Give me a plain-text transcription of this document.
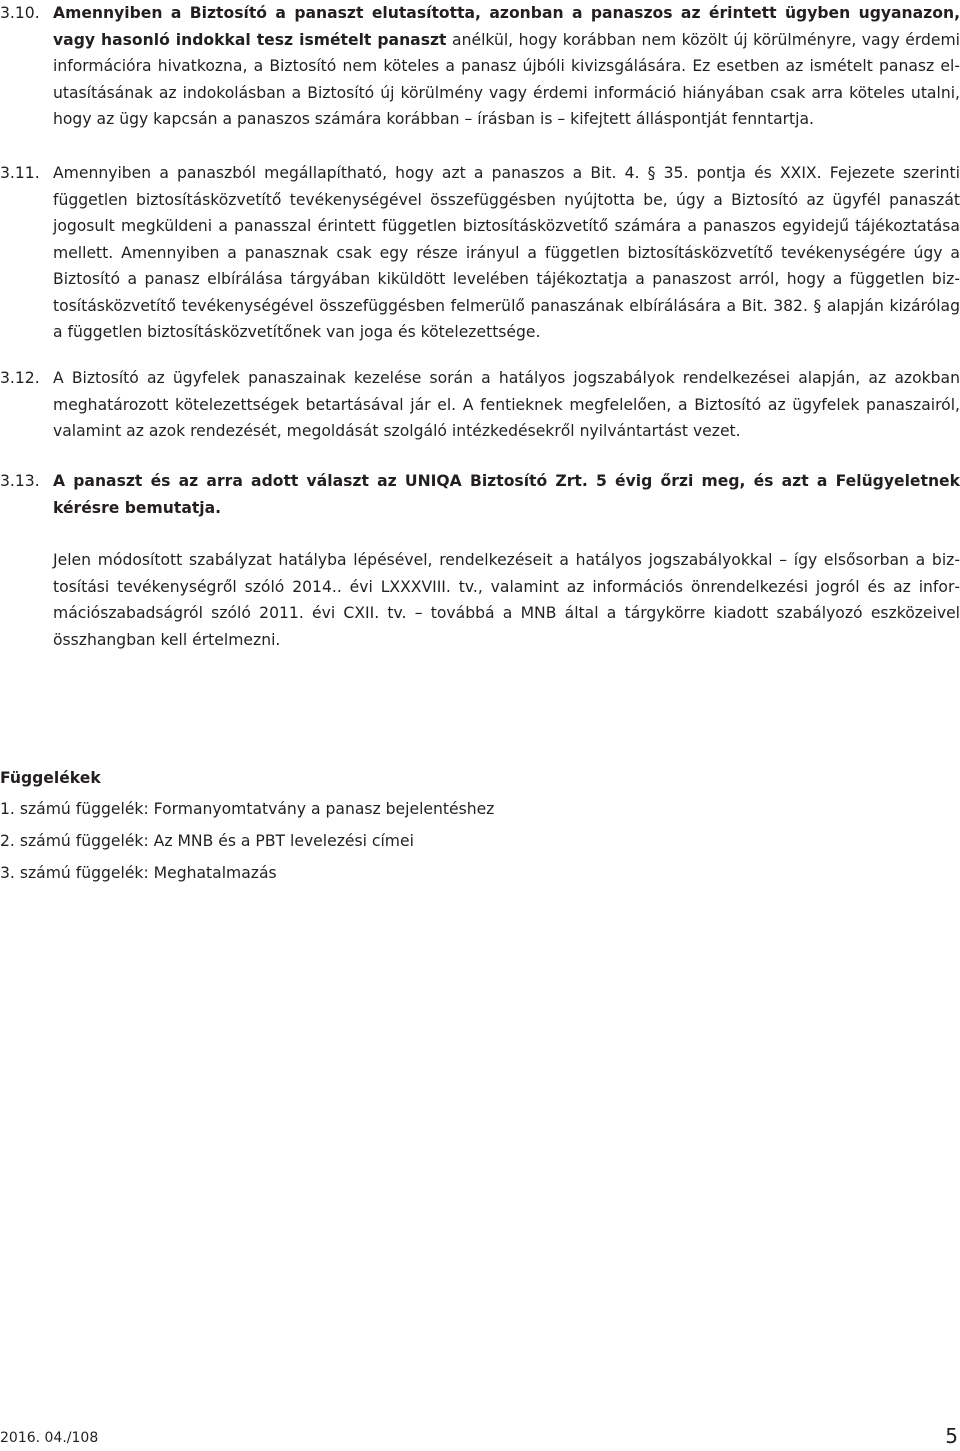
3.10. Amennyiben a Biztosító a panaszt elutasította, azonban a panaszos az érintett ügyben ugyanazon, vagy hasonló indokkal tesz ismételt panaszt anélkül, hogy korábban nem közölt új körülményre, vagy érdemi információra hivatkozna, a Biztosító nem köteles a panasz újbóli kivizsgálására. Ez esetben az ismételt panasz elutasításának az indokolásban a Biztosító új körülmény vagy érdemi információ hiányában csak arra köteles utalni, hogy az ügy kapcsán a panaszos számára korábban – írásban is – kifejtett álláspontját fenntartja.
3.11. Amennyiben a panaszból megállapítható, hogy azt a panaszos a Bit. 4. § 35. pontja és XXIX. Fejezete szerinti független biztosításközvetítő tevékenységével összefüggésben nyújtotta be, úgy a Biztosító az ügyfél panaszát jogosult megküldeni a panasszal érintett független biztosításközvetítő számára a panaszos egyidejű tájékoztatása mellett. Amennyiben a panasznak csak egy része irányul a független biztosításközvetítő tevékenységére úgy a Biztosító a panasz elbírálása tárgyában kiküldött levelében tájékoztatja a panaszost arról, hogy a független biztosításközvetítő tevékenységével összefüggésben felmerülő panaszának elbírálására a Bit. 382. § alapján kizárólag a független biztosításközvetítőnek van joga és kötelezettsége.
3.12. A Biztosító az ügyfelek panaszainak kezelése során a hatályos jogszabályok rendelkezései alapján, az azokban meghatározott kötelezettségek betartásával jár el. A fentieknek megfelelően, a Biztosító az ügyfelek panaszairól, valamint az azok rendezését, megoldását szolgáló intézkedésekről nyilvántartást vezet.
3.13. A panaszt és az arra adott választ az UNIQA Biztosító Zrt. 5 évig őrzi meg, és azt a Felügyeletnek kérésre bemutatja.
Jelen módosított szabályzat hatályba lépésével, rendelkezéseit a hatályos jogszabályokkal – így elsősorban a biztosítási tevékenységről szóló 2014.. évi LXXXVIII. tv., valamint az információs önrendelkezési jogról és az információszabadságról szóló 2011. évi CXII. tv. – továbbá a MNB által a tárgykörre kiadott szabályozó eszközeivel összhangban kell értelmezni.
Függelékek
1. számú függelék: Formanyomtatvány a panasz bejelentéshez
2. számú függelék: Az MNB és a PBT levelezési címei
3. számú függelék: Meghatalmazás
2016. 04./108	5
